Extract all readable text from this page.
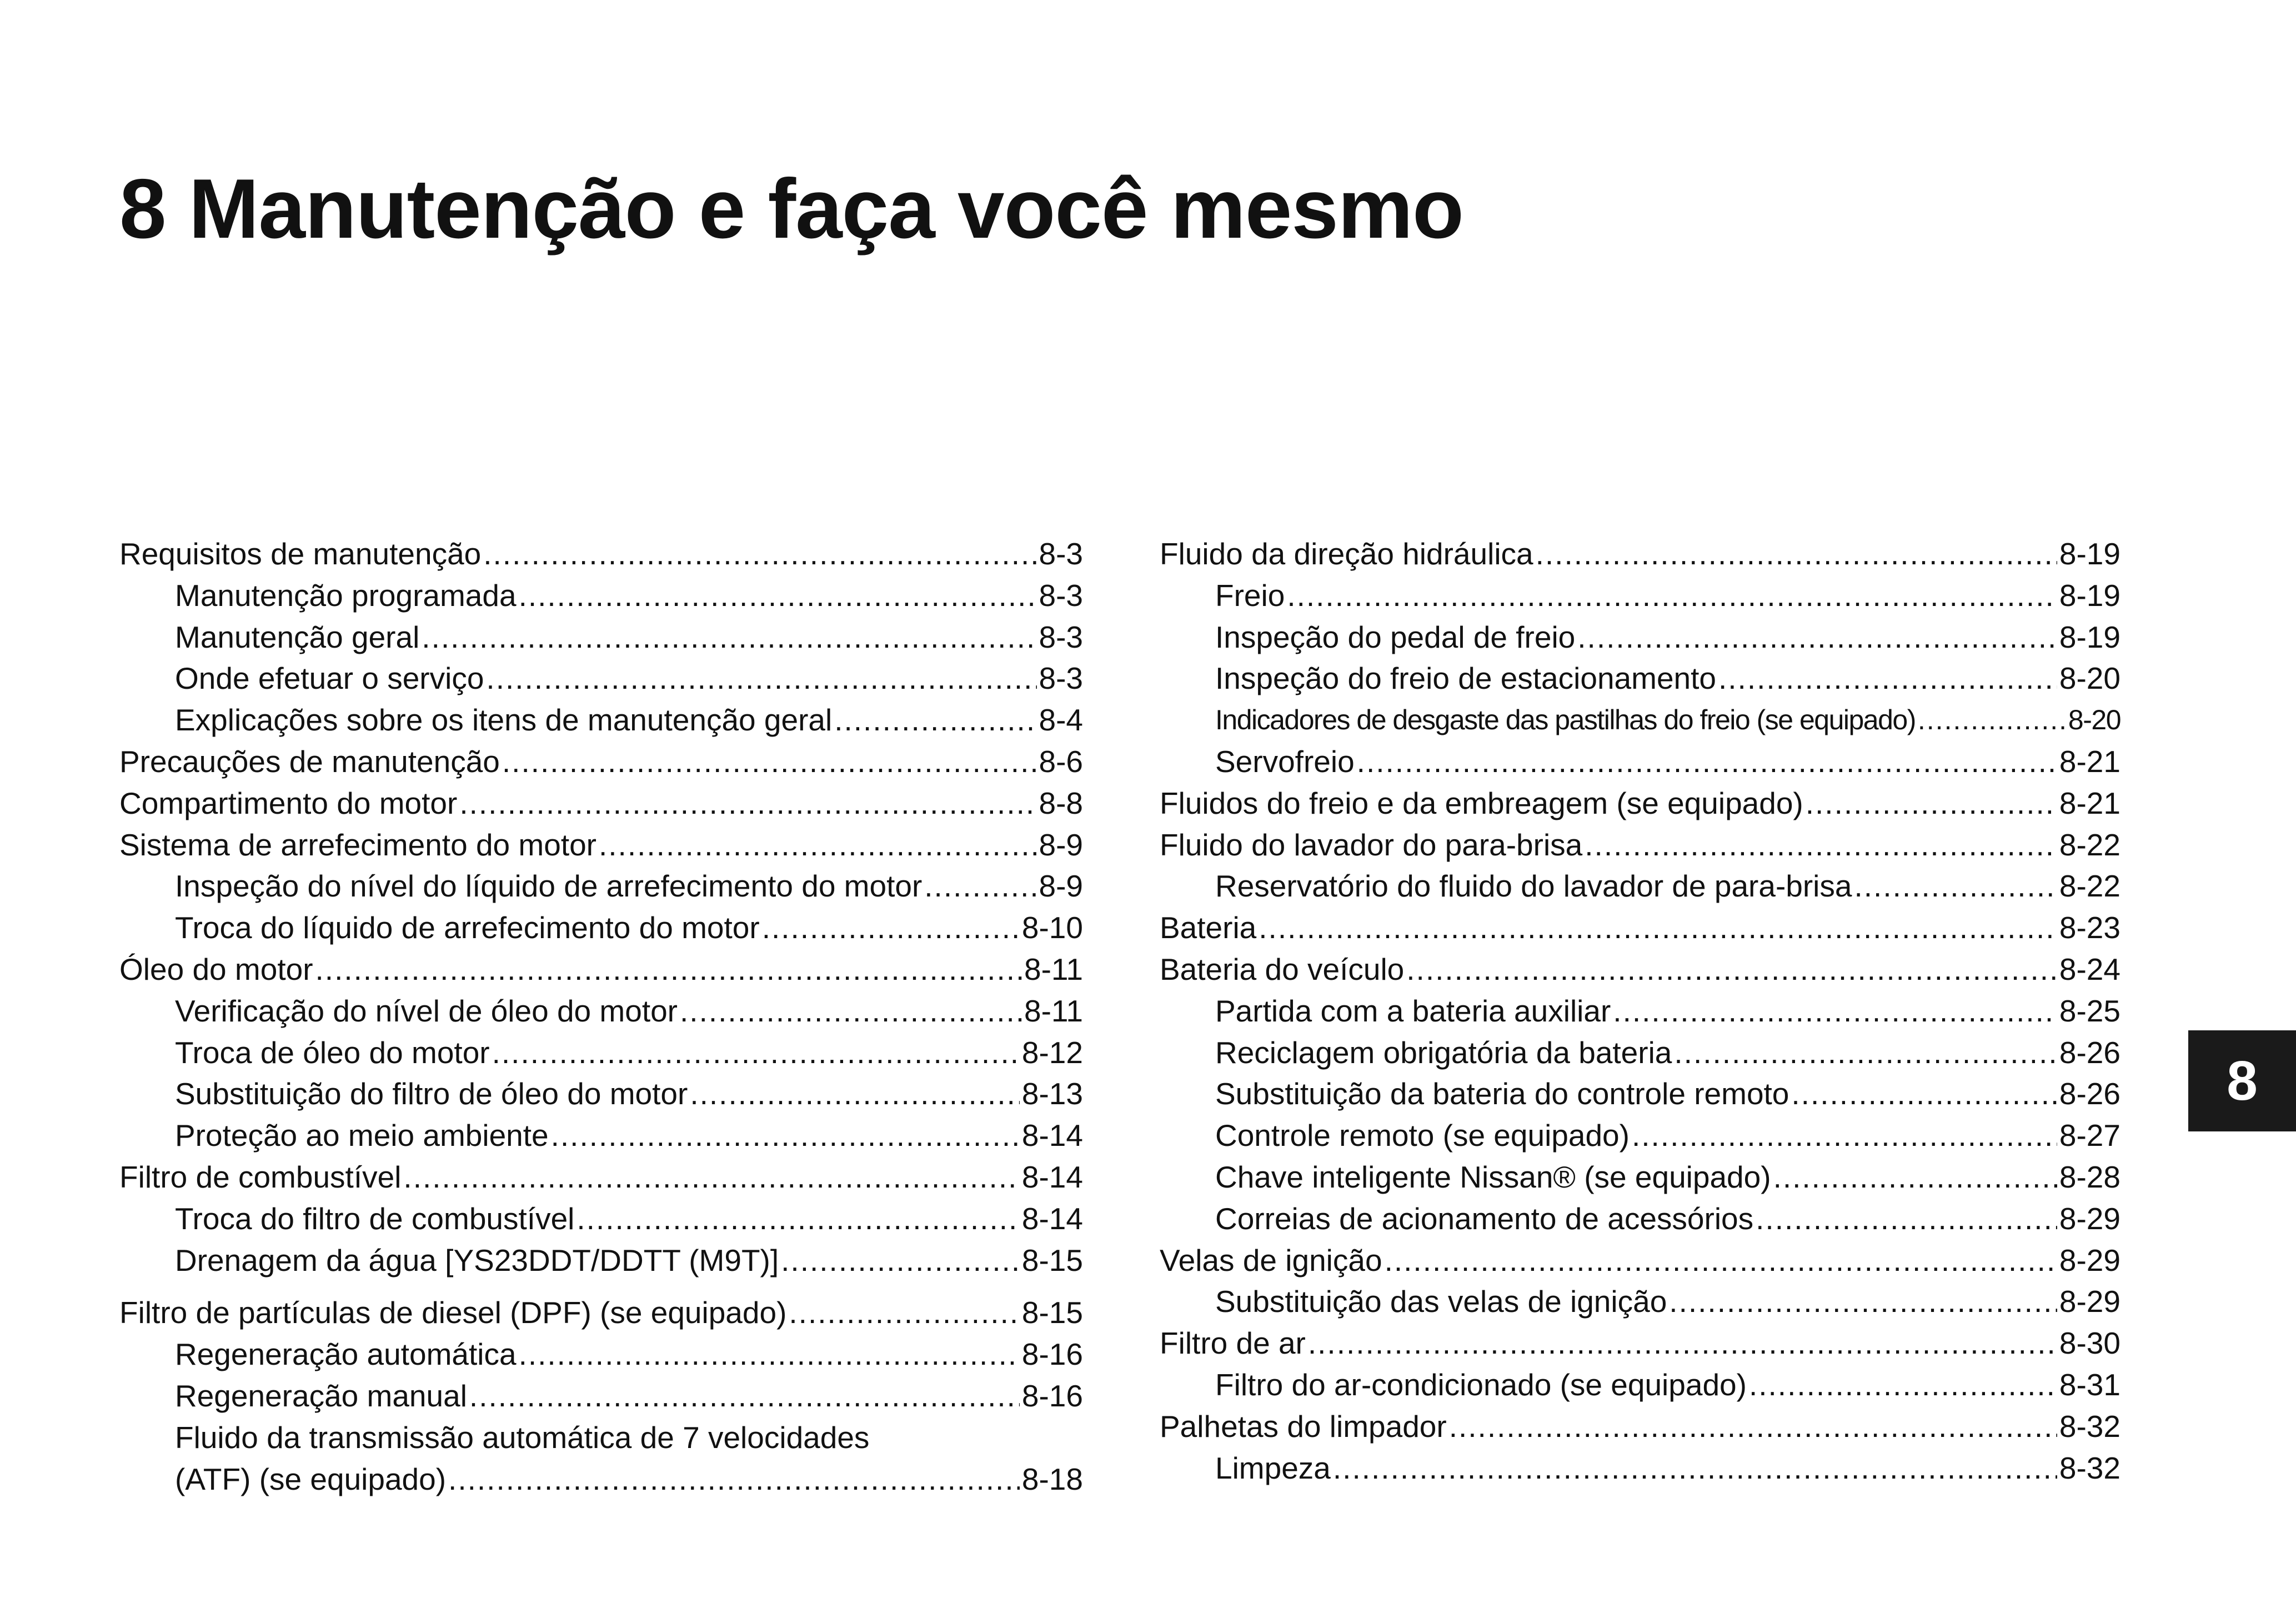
8 Manutenção e faça você mesmo
Requisitos de manutenção .....	8-3
Manutenção programada .....	8-3
Manutenção geral .....	8-3
Onde efetuar o serviço .....	8-3
Explicações sobre os itens de manutenção geral .....	8-4
Precauções de manutenção .....	8-6
Compartimento do motor .....	8-8
Sistema de arrefecimento do motor .....	8-9
Inspeção do nível do líquido de arrefecimento do motor .....	8-9
Troca do líquido de arrefecimento do motor .....	8-10
Óleo do motor .....	8-11
Verificação do nível de óleo do motor .....	8-11
Troca de óleo do motor .....	8-12
Substituição do filtro de óleo do motor .....	8-13
Proteção ao meio ambiente .....	8-14
Filtro de combustível .....	8-14
Troca do filtro de combustível .....	8-14
Drenagem da água [YS23DDT/DDTT (M9T)] .....	8-15
Filtro de partículas de diesel (DPF) (se equipado) .....	8-15
Regeneração automática .....	8-16
Regeneração manual .....	8-16
Fluido da transmissão automática de 7 velocidades
(ATF) (se equipado) .....	8-18
Fluido da direção hidráulica .....	8-19
Freio .....	8-19
Inspeção do pedal de freio .....	8-19
Inspeção do freio de estacionamento .....	8-20
Indicadores de desgaste das pastilhas do freio (se equipado) .....	8-20
Servofreio .....	8-21
Fluidos do freio e da embreagem (se equipado) .....	8-21
Fluido do lavador do para-brisa .....	8-22
Reservatório do fluido do lavador de para-brisa .....	8-22
Bateria .....	8-23
Bateria do veículo .....	8-24
Partida com a bateria auxiliar .....	8-25
Reciclagem obrigatória da bateria .....	8-26
Substituição da bateria do controle remoto .....	8-26
Controle remoto (se equipado) .....	8-27
Chave inteligente Nissan® (se equipado) .....	8-28
Correias de acionamento de acessórios .....	8-29
Velas de ignição .....	8-29
Substituição das velas de ignição .....	8-29
Filtro de ar .....	8-30
Filtro do ar-condicionado (se equipado) .....	8-31
Palhetas do limpador .....	8-32
Limpeza .....	8-32
8
